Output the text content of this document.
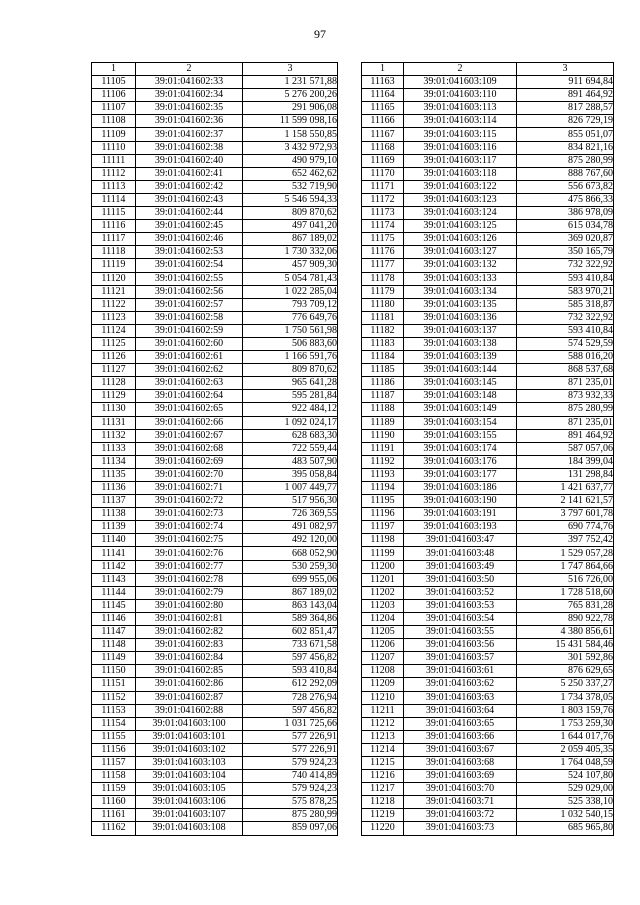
97
1	2	3
11105	39:01:041602:33	1 231 571,88
11106	39:01:041602:34	5 276 200,26
11107	39:01:041602:35	291 906,08
11108	39:01:041602:36	11 599 098,16
11109	39:01:041602:37	1 158 550,85
11110	39:01:041602:38	3 432 972,93
11111	39:01:041602:40	490 979,10
11112	39:01:041602:41	652 462,62
11113	39:01:041602:42	532 719,90
11114	39:01:041602:43	5 546 594,33
11115	39:01:041602:44	809 870,62
11116	39:01:041602:45	497 041,20
11117	39:01:041602:46	867 189,02
11118	39:01:041602:53	1 730 332,06
11119	39:01:041602:54	457 909,30
11120	39:01:041602:55	5 054 781,43
11121	39:01:041602:56	1 022 285,04
11122	39:01:041602:57	793 709,12
11123	39:01:041602:58	776 649,76
11124	39:01:041602:59	1 750 561,98
11125	39:01:041602:60	506 883,60
11126	39:01:041602:61	1 166 591,76
11127	39:01:041602:62	809 870,62
11128	39:01:041602:63	965 641,28
11129	39:01:041602:64	595 281,84
11130	39:01:041602:65	922 484,12
11131	39:01:041602:66	1 092 024,17
11132	39:01:041602:67	628 683,30
11133	39:01:041602:68	722 559,44
11134	39:01:041602:69	483 507,90
11135	39:01:041602:70	395 058,84
11136	39:01:041602:71	1 007 449,77
11137	39:01:041602:72	517 956,30
11138	39:01:041602:73	726 369,55
11139	39:01:041602:74	491 082,97
11140	39:01:041602:75	492 120,00
11141	39:01:041602:76	668 052,90
11142	39:01:041602:77	530 259,30
11143	39:01:041602:78	699 955,06
11144	39:01:041602:79	867 189,02
11145	39:01:041602:80	863 143,04
11146	39:01:041602:81	589 364,86
11147	39:01:041602:82	602 851,47
11148	39:01:041602:83	733 671,58
11149	39:01:041602:84	597 456,82
11150	39:01:041602:85	593 410,84
11151	39:01:041602:86	612 292,09
11152	39:01:041602:87	728 276,94
11153	39:01:041602:88	597 456,82
11154	39:01:041603:100	1 031 725,66
11155	39:01:041603:101	577 226,91
11156	39:01:041603:102	577 226,91
11157	39:01:041603:103	579 924,23
11158	39:01:041603:104	740 414,89
11159	39:01:041603:105	579 924,23
11160	39:01:041603:106	575 878,25
11161	39:01:041603:107	875 280,99
11162	39:01:041603:108	859 097,06
1	2	3
11163	39:01:041603:109	911 694,84
11164	39:01:041603:110	891 464,92
11165	39:01:041603:113	817 288,57
11166	39:01:041603:114	826 729,19
11167	39:01:041603:115	855 051,07
11168	39:01:041603:116	834 821,16
11169	39:01:041603:117	875 280,99
11170	39:01:041603:118	888 767,60
11171	39:01:041603:122	556 673,82
11172	39:01:041603:123	475 866,33
11173	39:01:041603:124	386 978,09
11174	39:01:041603:125	615 034,78
11175	39:01:041603:126	369 020,87
11176	39:01:041603:127	350 165,79
11177	39:01:041603:132	732 322,92
11178	39:01:041603:133	593 410,84
11179	39:01:041603:134	583 970,21
11180	39:01:041603:135	585 318,87
11181	39:01:041603:136	732 322,92
11182	39:01:041603:137	593 410,84
11183	39:01:041603:138	574 529,59
11184	39:01:041603:139	588 016,20
11185	39:01:041603:144	868 537,68
11186	39:01:041603:145	871 235,01
11187	39:01:041603:148	873 932,33
11188	39:01:041603:149	875 280,99
11189	39:01:041603:154	871 235,01
11190	39:01:041603:155	891 464,92
11191	39:01:041603:174	587 057,06
11192	39:01:041603:176	184 399,04
11193	39:01:041603:177	131 298,84
11194	39:01:041603:186	1 421 637,77
11195	39:01:041603:190	2 141 621,57
11196	39:01:041603:191	3 797 601,78
11197	39:01:041603:193	690 774,76
11198	39:01:041603:47	397 752,42
11199	39:01:041603:48	1 529 057,28
11200	39:01:041603:49	1 747 864,66
11201	39:01:041603:50	516 726,00
11202	39:01:041603:52	1 728 518,60
11203	39:01:041603:53	765 831,28
11204	39:01:041603:54	890 922,78
11205	39:01:041603:55	4 380 856,61
11206	39:01:041603:56	15 431 584,46
11207	39:01:041603:57	301 592,86
11208	39:01:041603:61	876 629,65
11209	39:01:041603:62	5 250 337,27
11210	39:01:041603:63	1 734 378,05
11211	39:01:041603:64	1 803 159,76
11212	39:01:041603:65	1 753 259,30
11213	39:01:041603:66	1 644 017,76
11214	39:01:041603:67	2 059 405,35
11215	39:01:041603:68	1 764 048,59
11216	39:01:041603:69	524 107,80
11217	39:01:041603:70	529 029,00
11218	39:01:041603:71	525 338,10
11219	39:01:041603:72	1 032 540,15
11220	39:01:041603:73	685 965,80
